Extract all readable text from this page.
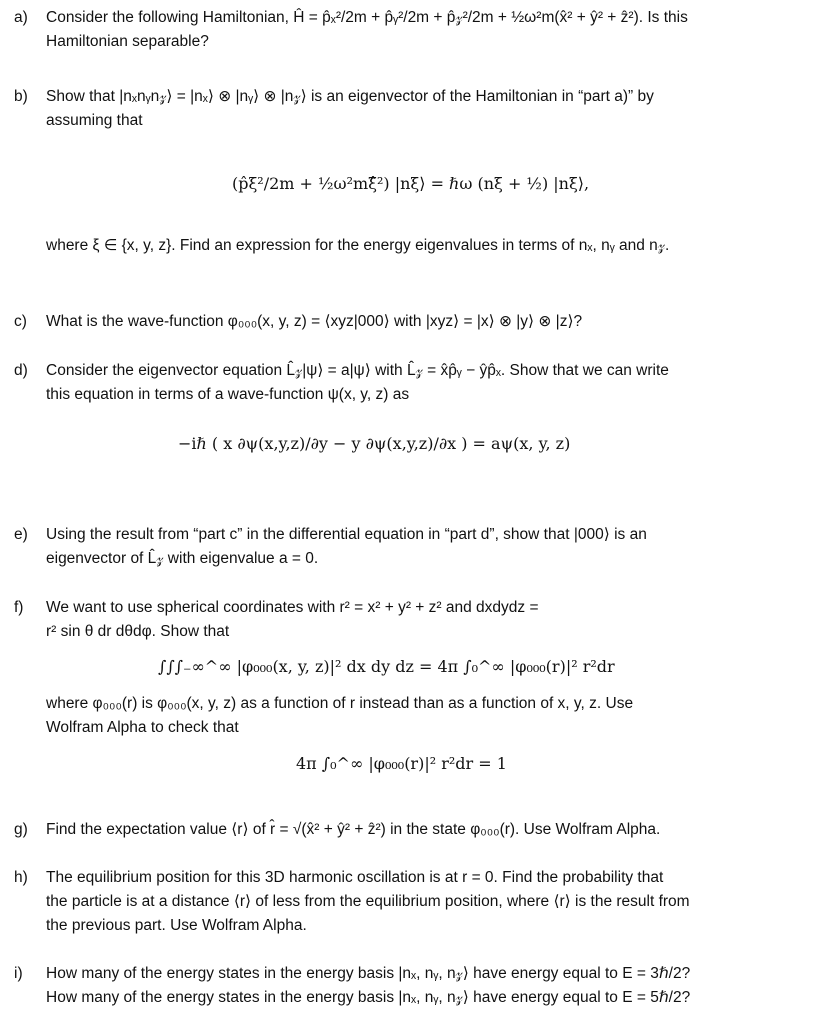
a)	Consider the following Hamiltonian, Ĥ = p̂ₓ²/2m + p̂ᵧ²/2m + p̂𝓏²/2m + ½ω²m(x̂² + ŷ² + ẑ²). Is this
Hamiltonian separable?
b)	Show that |nₓnᵧn𝓏⟩ = |nₓ⟩ ⊗ |nᵧ⟩ ⊗ |n𝓏⟩ is an eigenvector of the Hamiltonian in “part a)” by
assuming that
(p̂ξ²/2m + ½ω²mξ̂²) |nξ⟩ = ℏω (nξ + ½) |nξ⟩,
where ξ ∈ {x, y, z}. Find an expression for the energy eigenvalues in terms of nₓ, nᵧ and n𝓏.
c)	What is the wave-function φ₀₀₀(x, y, z) = ⟨xyz|000⟩ with |xyz⟩ = |x⟩ ⊗ |y⟩ ⊗ |z⟩?
d)	Consider the eigenvector equation L̂𝓏|ψ⟩ = a|ψ⟩ with L̂𝓏 = x̂p̂ᵧ − ŷp̂ₓ. Show that we can write
this equation in terms of a wave-function ψ(x, y, z) as
−iℏ ( x ∂ψ(x,y,z)/∂y − y ∂ψ(x,y,z)/∂x ) = aψ(x, y, z)
e)	Using the result from “part c” in the differential equation in “part d”, show that |000⟩ is an
eigenvector of L̂𝓏 with eigenvalue a = 0.
f)	We want to use spherical coordinates with r² = x² + y² + z² and dxdydz =
r² sin θ dr dθdφ. Show that
∫∫∫₋∞^∞ |φ₀₀₀(x, y, z)|² dx dy dz = 4π ∫₀^∞ |φ₀₀₀(r)|² r²dr
where φ₀₀₀(r) is φ₀₀₀(x, y, z) as a function of r instead than as a function of x, y, z. Use
Wolfram Alpha to check that
4π ∫₀^∞ |φ₀₀₀(r)|² r²dr = 1
g)	Find the expectation value ⟨r⟩ of r̂ = √(x̂² + ŷ² + ẑ²) in the state φ₀₀₀(r). Use Wolfram Alpha.
h)	The equilibrium position for this 3D harmonic oscillation is at r = 0. Find the probability that
the particle is at a distance ⟨r⟩ of less from the equilibrium position, where ⟨r⟩ is the result from
the previous part. Use Wolfram Alpha.
i)	How many of the energy states in the energy basis |nₓ, nᵧ, n𝓏⟩ have energy equal to E = 3ℏ/2?
How many of the energy states in the energy basis |nₓ, nᵧ, n𝓏⟩ have energy equal to E = 5ℏ/2?
